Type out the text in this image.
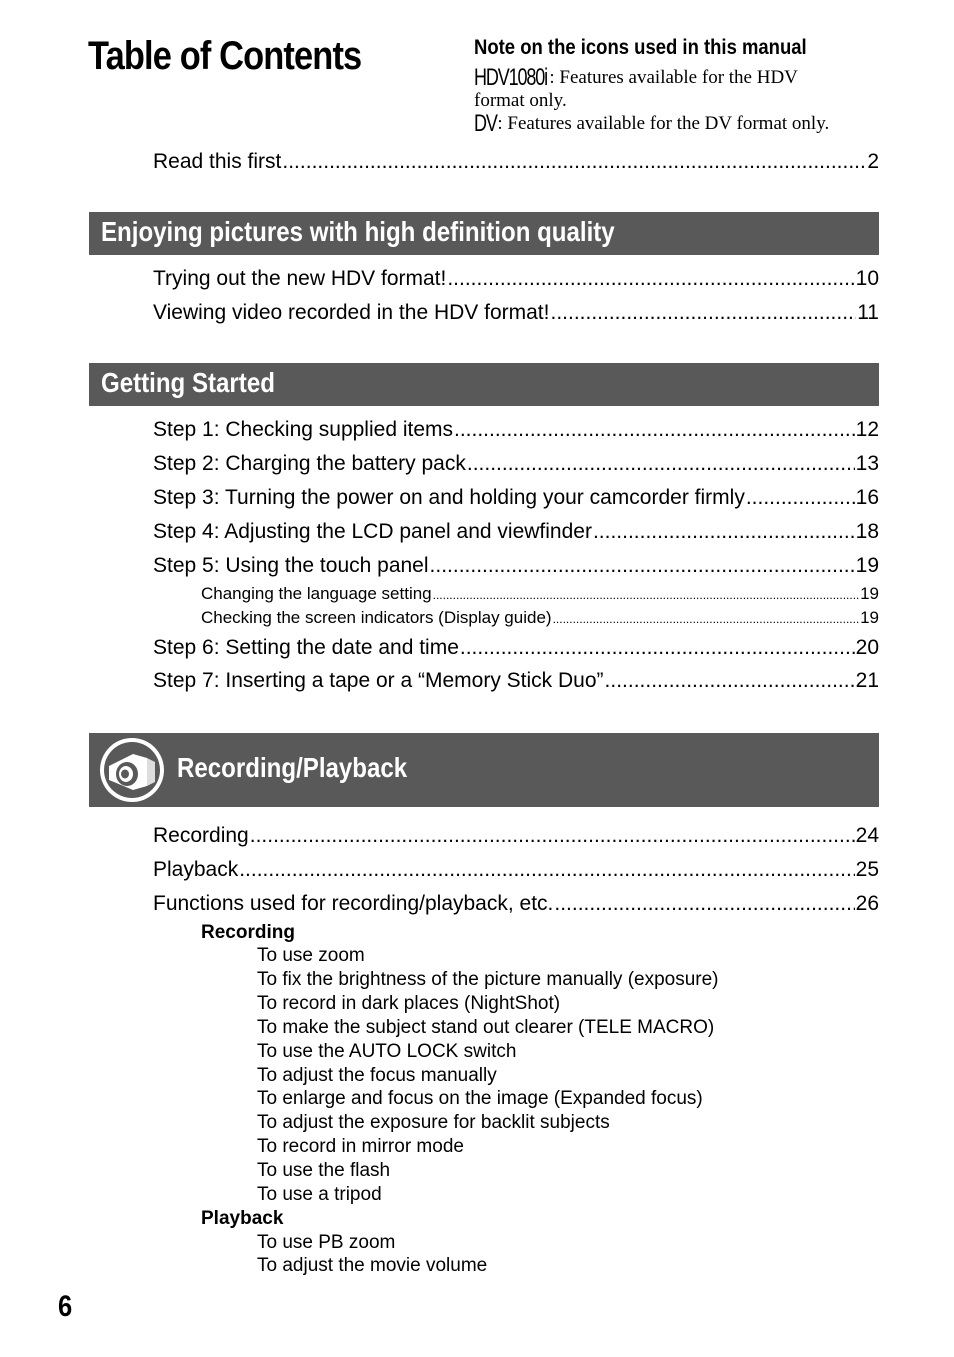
Table of Contents	Note on the icons used in this manual
HDV1080i : Features available for the HDV
format only.
DV: Features available for the DV format only.
Read this first .....	2
Enjoying pictures with high definition quality
Trying out the new HDV format! .....	10
Viewing video recorded in the HDV format! .....	11
Getting Started
Step 1: Checking supplied items .....	12
Step 2: Charging the battery pack .....	13
Step 3: Turning the power on and holding your camcorder firmly .....	16
Step 4: Adjusting the LCD panel and viewfinder .....	18
Step 5: Using the touch panel .....	19
Changing the language setting .....	19
Checking the screen indicators (Display guide) .....	19
Step 6: Setting the date and time .....	20
Step 7: Inserting a tape or a “Memory Stick Duo” .....	21
Recording/Playback
Recording .....	24
Playback .....	25
Functions used for recording/playback, etc. .....	26
Recording
To use zoom
To fix the brightness of the picture manually (exposure)
To record in dark places (NightShot)
To make the subject stand out clearer (TELE MACRO)
To use the AUTO LOCK switch
To adjust the focus manually
To enlarge and focus on the image (Expanded focus)
To adjust the exposure for backlit subjects
To record in mirror mode
To use the flash
To use a tripod
Playback
To use PB zoom
To adjust the movie volume
6
